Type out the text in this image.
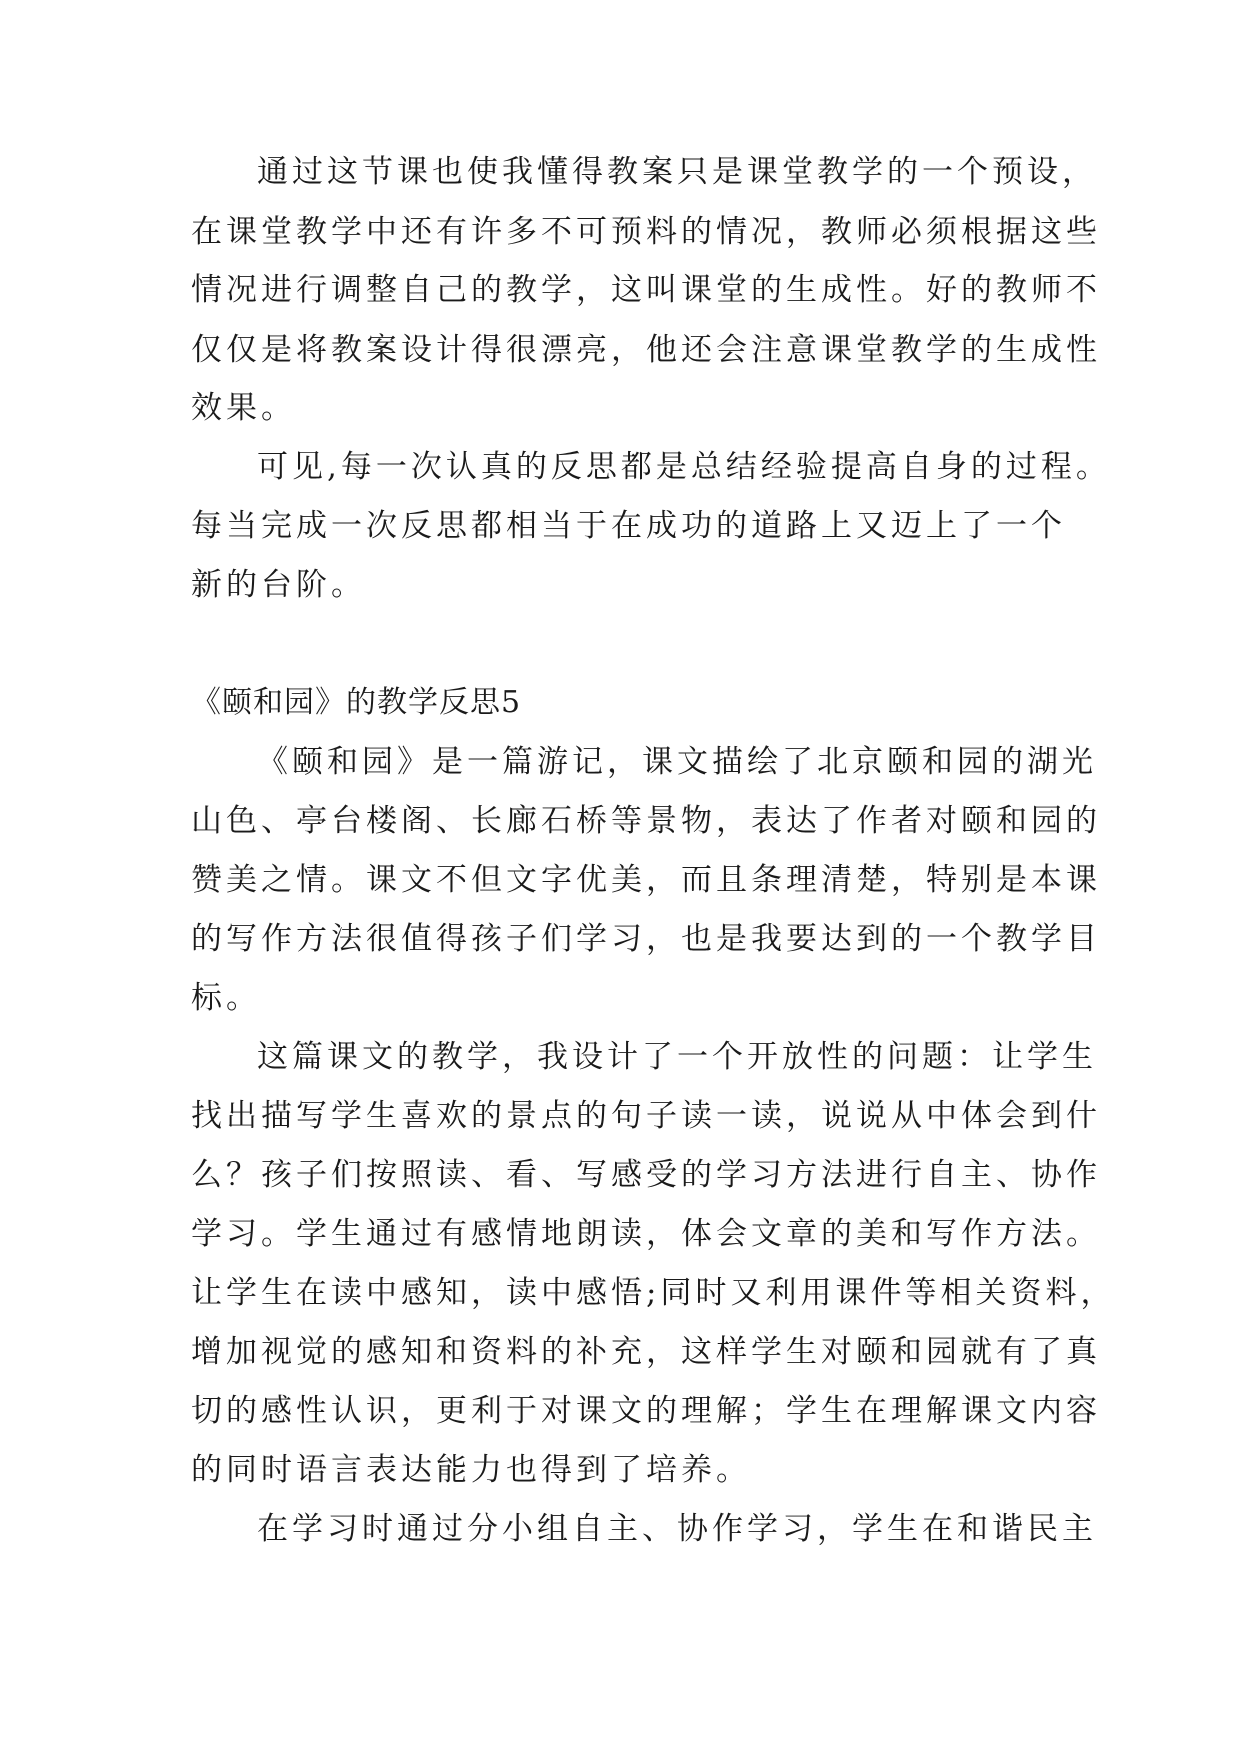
通过这节课也使我懂得教案只是课堂教学的一个预设，
在课堂教学中还有许多不可预料的情况，教师必须根据这些
情况进行调整自己的教学，这叫课堂的生成性。好的教师不
仅仅是将教案设计得很漂亮，他还会注意课堂教学的生成性
效果。
可见,每一次认真的反思都是总结经验提高自身的过程。
每当完成一次反思都相当于在成功的道路上又迈上了一个
新的台阶。
《颐和园》的教学反思5
《颐和园》是一篇游记，课文描绘了北京颐和园的湖光
山色、亭台楼阁、长廊石桥等景物，表达了作者对颐和园的
赞美之情。课文不但文字优美，而且条理清楚，特别是本课
的写作方法很值得孩子们学习，也是我要达到的一个教学目
标。
这篇课文的教学，我设计了一个开放性的问题：让学生
找出描写学生喜欢的景点的句子读一读，说说从中体会到什
么？孩子们按照读、看、写感受的学习方法进行自主、协作
学习。学生通过有感情地朗读，体会文章的美和写作方法。
让学生在读中感知，读中感悟;同时又利用课件等相关资料，
增加视觉的感知和资料的补充，这样学生对颐和园就有了真
切的感性认识，更利于对课文的理解；学生在理解课文内容
的同时语言表达能力也得到了培养。
在学习时通过分小组自主、协作学习，学生在和谐民主
